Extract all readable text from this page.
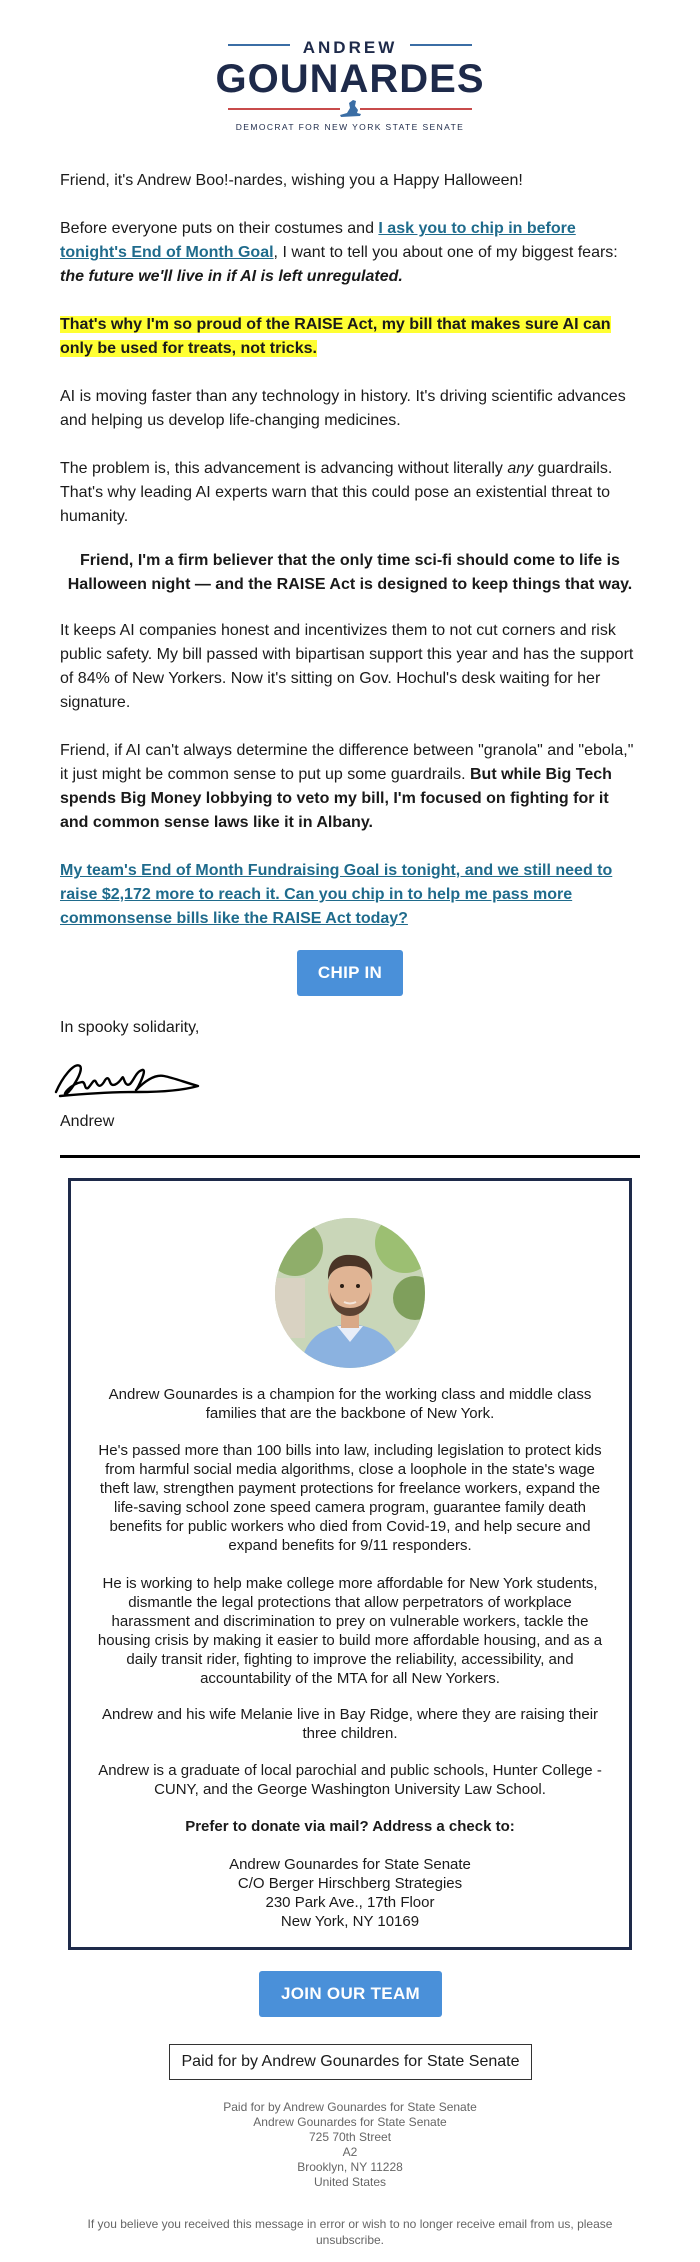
ANDREW
GOUNARDES
DEMOCRAT FOR NEW YORK STATE SENATE

Friend, it's Andrew Boo!-nardes, wishing you a Happy Halloween!

Before everyone puts on their costumes and I ask you to chip in before tonight's End of Month Goal, I want to tell you about one of my biggest fears: the future we'll live in if AI is left unregulated.

That's why I'm so proud of the RAISE Act, my bill that makes sure AI can only be used for treats, not tricks.

AI is moving faster than any technology in history. It's driving scientific advances and helping us develop life-changing medicines.

The problem is, this advancement is advancing without literally any guardrails. That's why leading AI experts warn that this could pose an existential threat to humanity.

Friend, I'm a firm believer that the only time sci-fi should come to life is Halloween night — and the RAISE Act is designed to keep things that way.

It keeps AI companies honest and incentivizes them to not cut corners and risk public safety. My bill passed with bipartisan support this year and has the support of 84% of New Yorkers. Now it's sitting on Gov. Hochul's desk waiting for her signature.

Friend, if AI can't always determine the difference between "granola" and "ebola," it just might be common sense to put up some guardrails. But while Big Tech spends Big Money lobbying to veto my bill, I'm focused on fighting for it and common sense laws like it in Albany.

My team's End of Month Fundraising Goal is tonight, and we still need to raise $2,172 more to reach it. Can you chip in to help me pass more commonsense bills like the RAISE Act today?

CHIP IN

In spooky solidarity,

Andrew

Andrew Gounardes is a champion for the working class and middle class families that are the backbone of New York.

He's passed more than 100 bills into law, including legislation to protect kids from harmful social media algorithms, close a loophole in the state's wage theft law, strengthen payment protections for freelance workers, expand the life-saving school zone speed camera program, guarantee family death benefits for public workers who died from Covid-19, and help secure and expand benefits for 9/11 responders.

He is working to help make college more affordable for New York students, dismantle the legal protections that allow perpetrators of workplace harassment and discrimination to prey on vulnerable workers, tackle the housing crisis by making it easier to build more affordable housing, and as a daily transit rider, fighting to improve the reliability, accessibility, and accountability of the MTA for all New Yorkers.

Andrew and his wife Melanie live in Bay Ridge, where they are raising their three children.

Andrew is a graduate of local parochial and public schools, Hunter College - CUNY, and the George Washington University Law School.

Prefer to donate via mail? Address a check to:

Andrew Gounardes for State Senate

C/O Berger Hirschberg Strategies

230 Park Ave., 17th Floor

New York, NY 10169

JOIN OUR TEAM
Paid for by Andrew Gounardes for State Senate
Paid for by Andrew Gounardes for State Senate
Andrew Gounardes for State Senate
725 70th Street
A2
Brooklyn, NY 11228
United States
If you believe you received this message in error or wish to no longer receive email from us, please unsubscribe.
